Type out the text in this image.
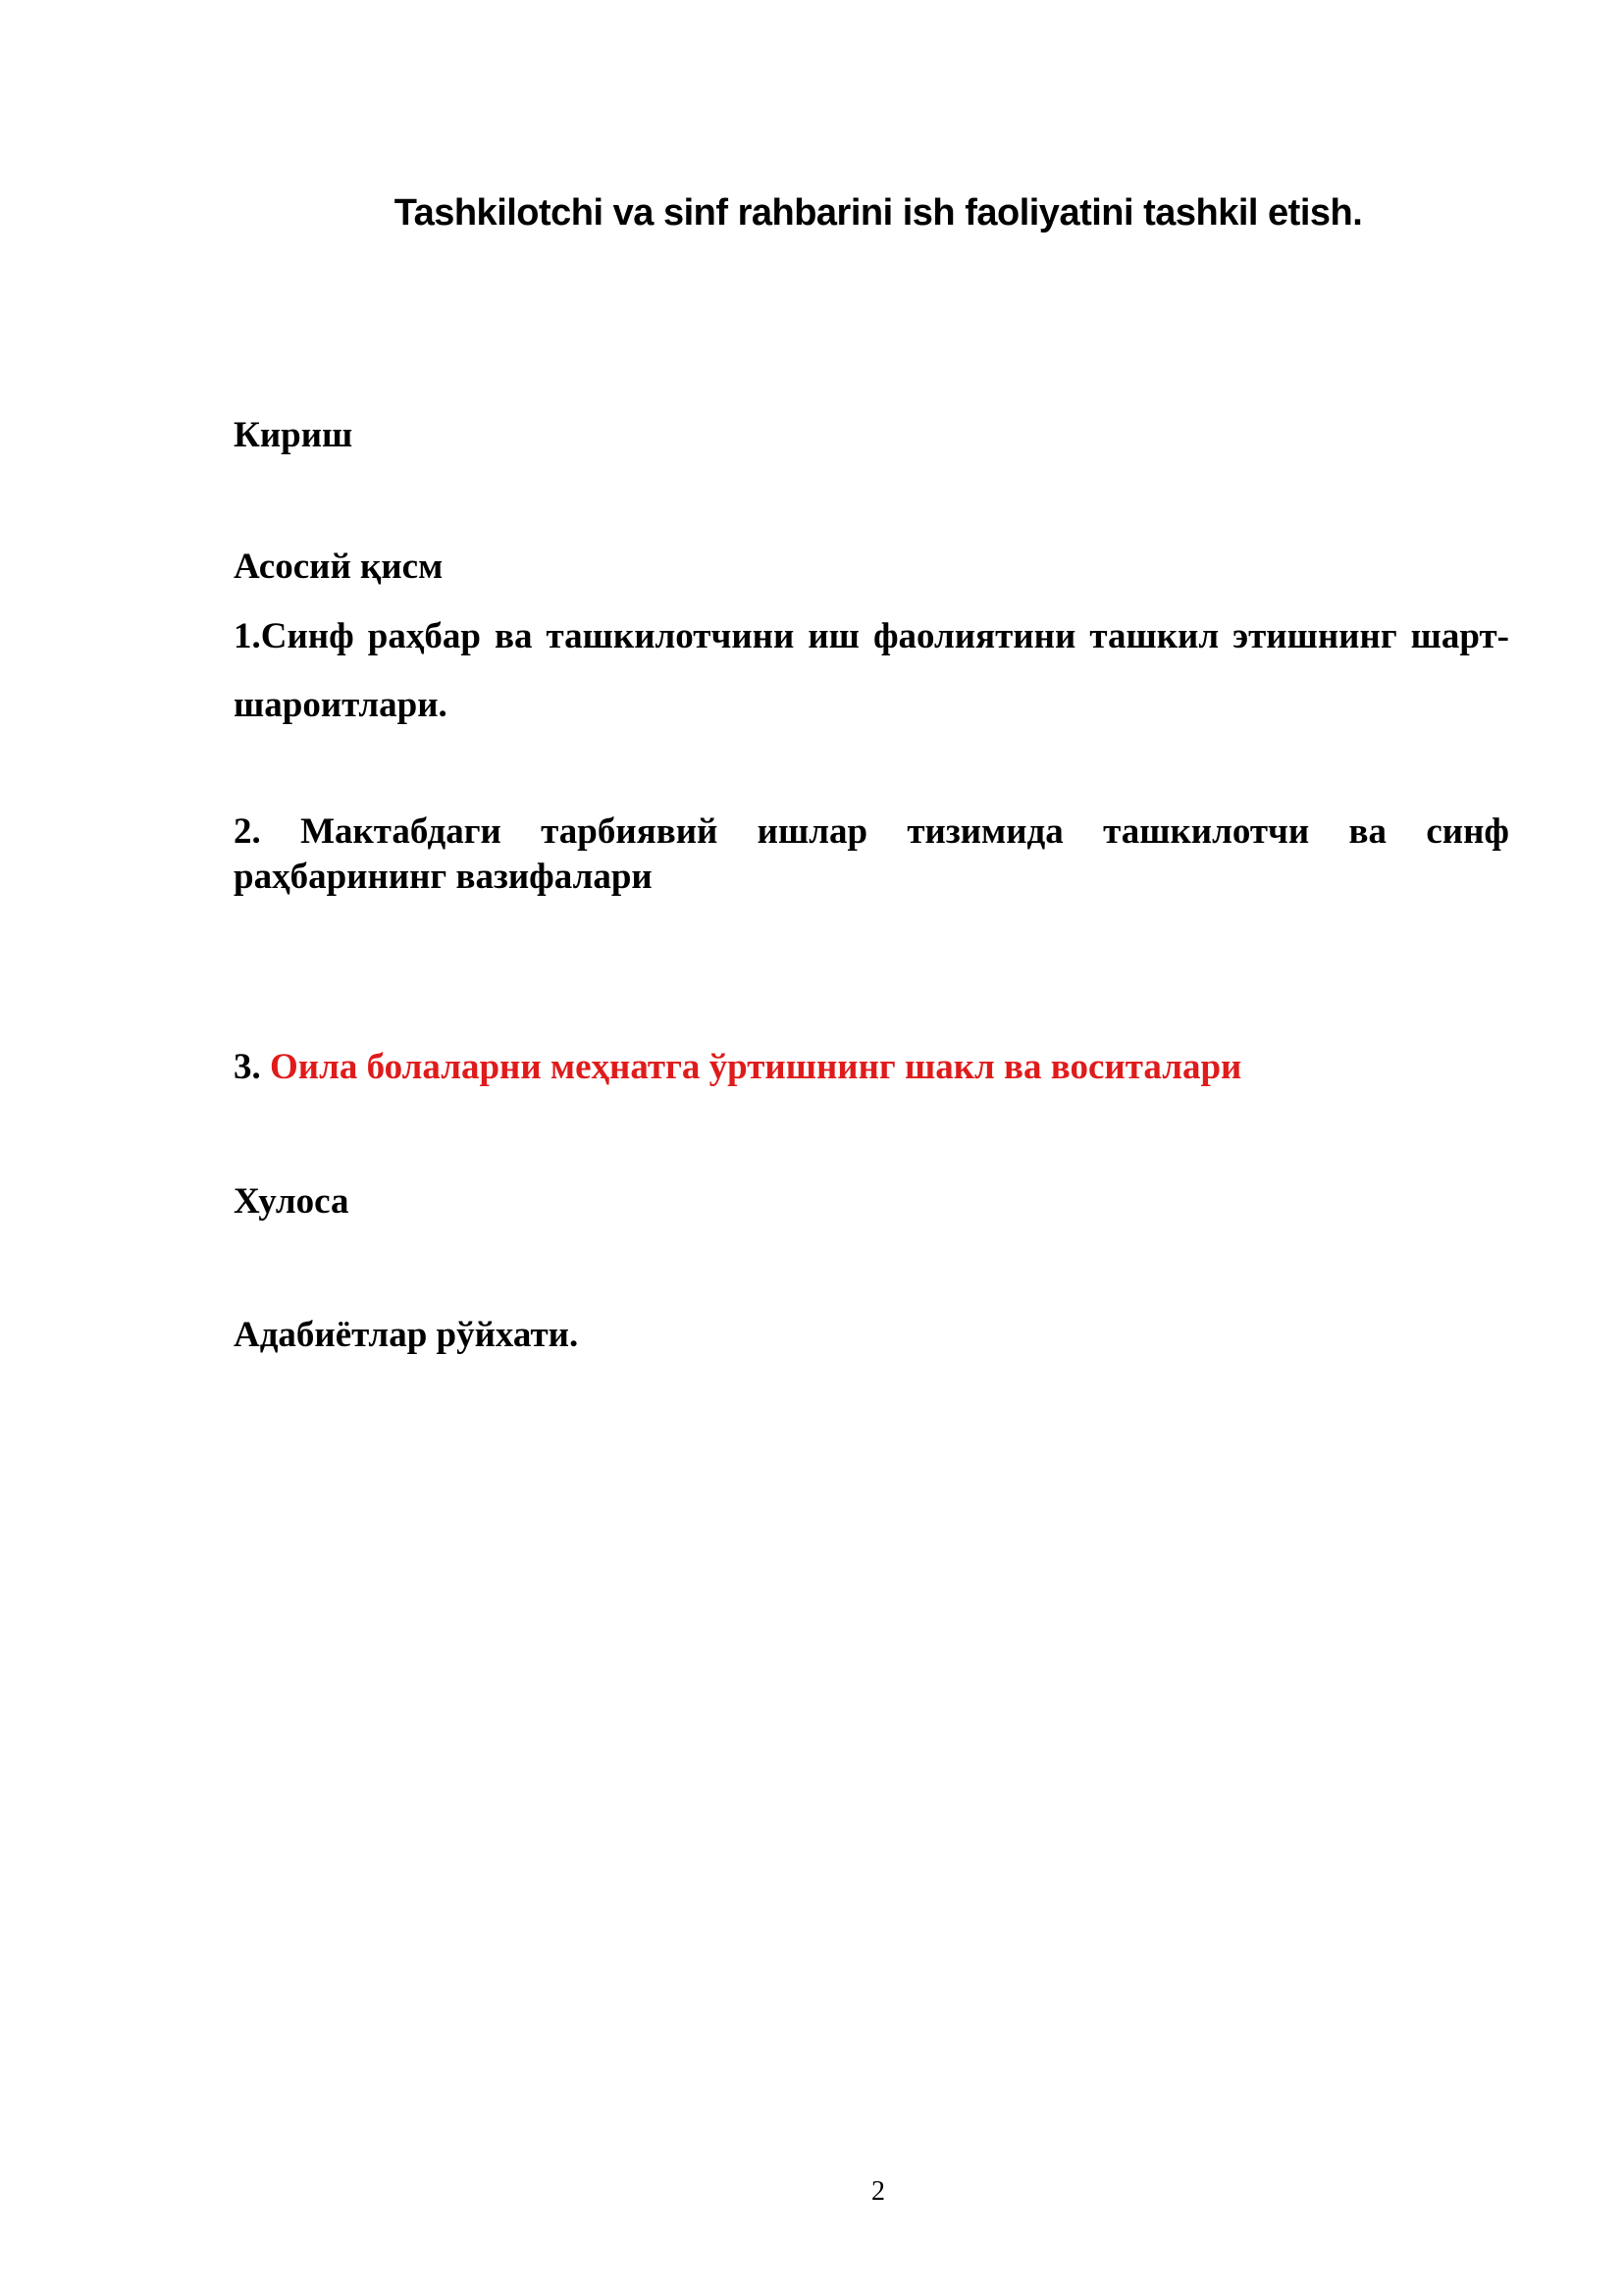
Tashkilotchi va sinf rahbarini ish faoliyatini tashkil etish.
Кириш
Асосий қисм
1.Синф раҳбар ва ташкилотчини иш фаолиятини ташкил этишнинг шарт-шароитлари.
2. Мактабдаги тарбиявий ишлар тизимида ташкилотчи ва синф раҳбарининг вазифалари
3. Оила болаларни меҳнатга ўртишнинг шакл ва воситалари
Хулоса
Адабиётлар рўйхати.
2
